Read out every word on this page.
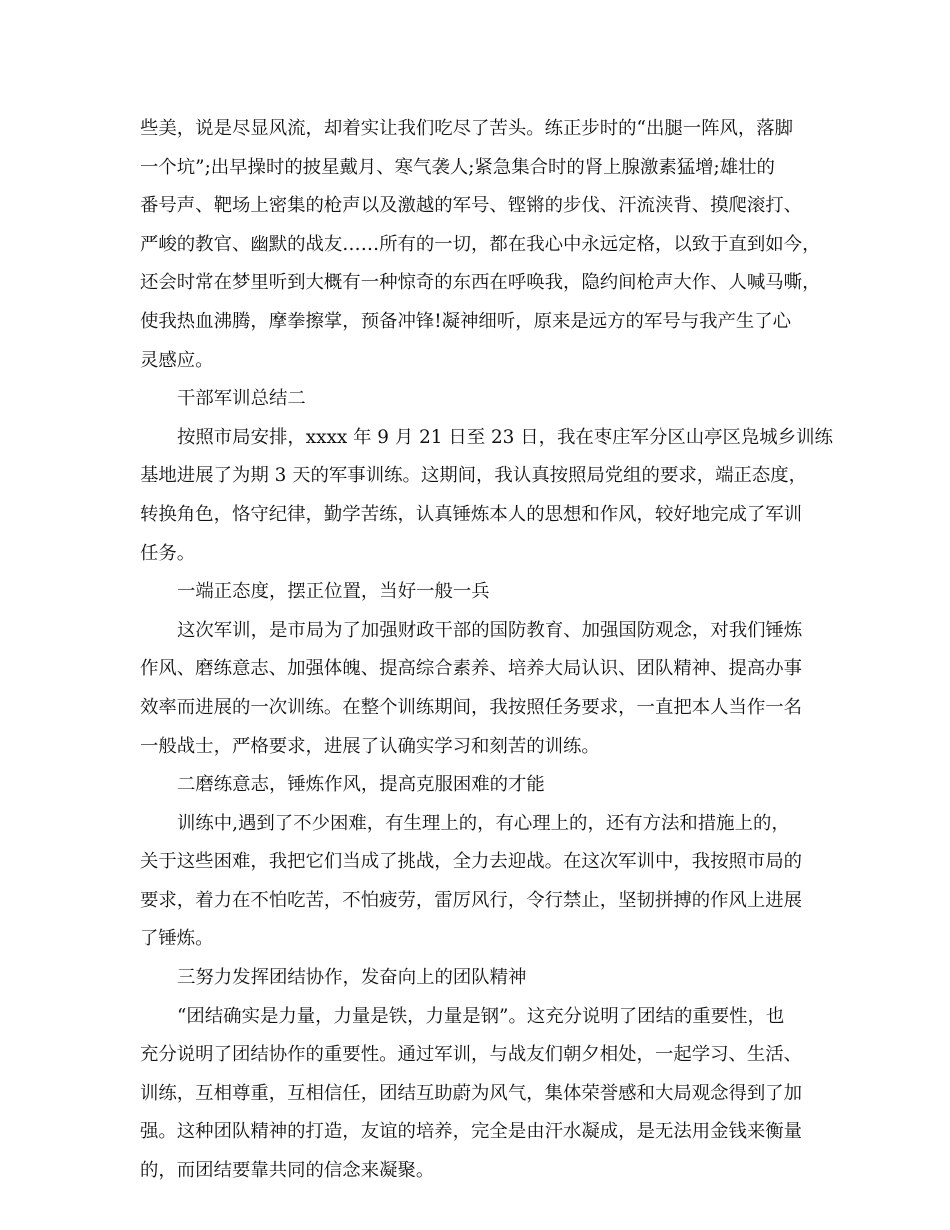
些美，说是尽显风流，却着实让我们吃尽了苦头。练正步时的“出腿一阵风，落脚
一个坑”;出早操时的披星戴月、寒气袭人;紧急集合时的肾上腺激素猛增;雄壮的
番号声、靶场上密集的枪声以及激越的军号、铿锵的步伐、汗流浃背、摸爬滚打、
严峻的教官、幽默的战友……所有的一切，都在我心中永远定格，以致于直到如今，
还会时常在梦里听到大概有一种惊奇的东西在呼唤我，隐约间枪声大作、人喊马嘶，
使我热血沸腾，摩拳擦掌，预备冲锋!凝神细听，原来是远方的军号与我产生了心
灵感应。
干部军训总结二
按照市局安排，xxxx 年 9 月 21 日至 23 日，我在枣庄军分区山亭区凫城乡训练
基地进展了为期 3 天的军事训练。这期间，我认真按照局党组的要求，端正态度，
转换角色，恪守纪律，勤学苦练，认真锤炼本人的思想和作风，较好地完成了军训
任务。
一端正态度，摆正位置，当好一般一兵
这次军训，是市局为了加强财政干部的国防教育、加强国防观念，对我们锤炼
作风、磨练意志、加强体魄、提高综合素养、培养大局认识、团队精神、提高办事
效率而进展的一次训练。在整个训练期间，我按照任务要求，一直把本人当作一名
一般战士，严格要求，进展了认确实学习和刻苦的训练。
二磨练意志，锤炼作风，提高克服困难的才能
训练中,遇到了不少困难，有生理上的，有心理上的，还有方法和措施上的，
关于这些困难，我把它们当成了挑战，全力去迎战。在这次军训中，我按照市局的
要求，着力在不怕吃苦，不怕疲劳，雷厉风行，令行禁止，坚韧拼搏的作风上进展
了锤炼。
三努力发挥团结协作，发奋向上的团队精神
“团结确实是力量，力量是铁，力量是钢”。这充分说明了团结的重要性，也
充分说明了团结协作的重要性。通过军训，与战友们朝夕相处，一起学习、生活、
训练，互相尊重，互相信任，团结互助蔚为风气，集体荣誉感和大局观念得到了加
强。这种团队精神的打造，友谊的培养，完全是由汗水凝成，是无法用金钱来衡量
的，而团结要靠共同的信念来凝聚。
